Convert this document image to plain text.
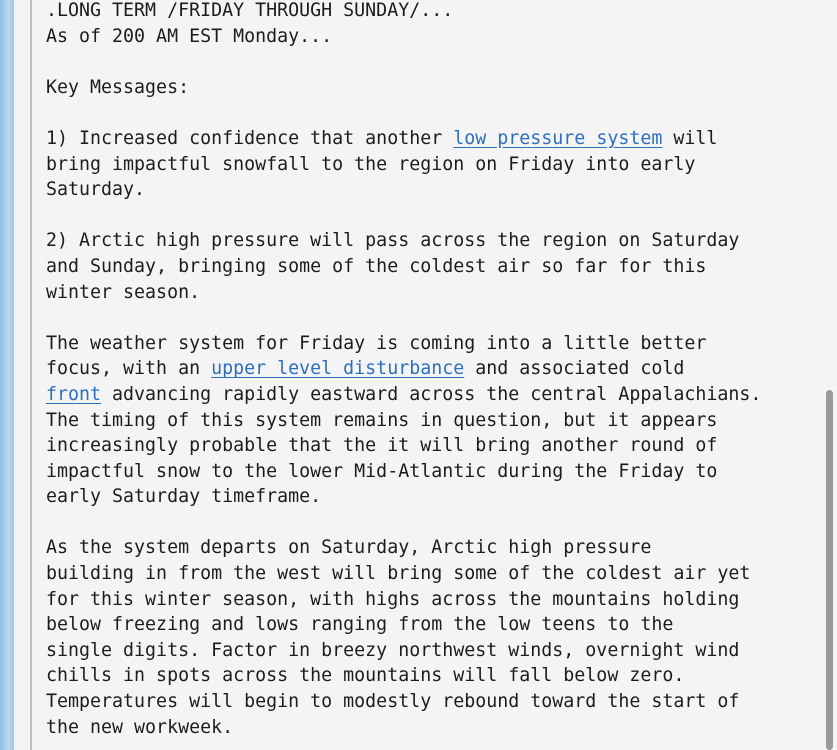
.LONG TERM /FRIDAY THROUGH SUNDAY/...
As of 200 AM EST Monday...

Key Messages:

1) Increased confidence that another low pressure system will
bring impactful snowfall to the region on Friday into early
Saturday.

2) Arctic high pressure will pass across the region on Saturday
and Sunday, bringing some of the coldest air so far for this
winter season.

The weather system for Friday is coming into a little better
focus, with an upper level disturbance and associated cold
front advancing rapidly eastward across the central Appalachians.
The timing of this system remains in question, but it appears
increasingly probable that the it will bring another round of
impactful snow to the lower Mid-Atlantic during the Friday to
early Saturday timeframe.

As the system departs on Saturday, Arctic high pressure
building in from the west will bring some of the coldest air yet
for this winter season, with highs across the mountains holding
below freezing and lows ranging from the low teens to the
single digits. Factor in breezy northwest winds, overnight wind
chills in spots across the mountains will fall below zero.
Temperatures will begin to modestly rebound toward the start of
the new workweek.
